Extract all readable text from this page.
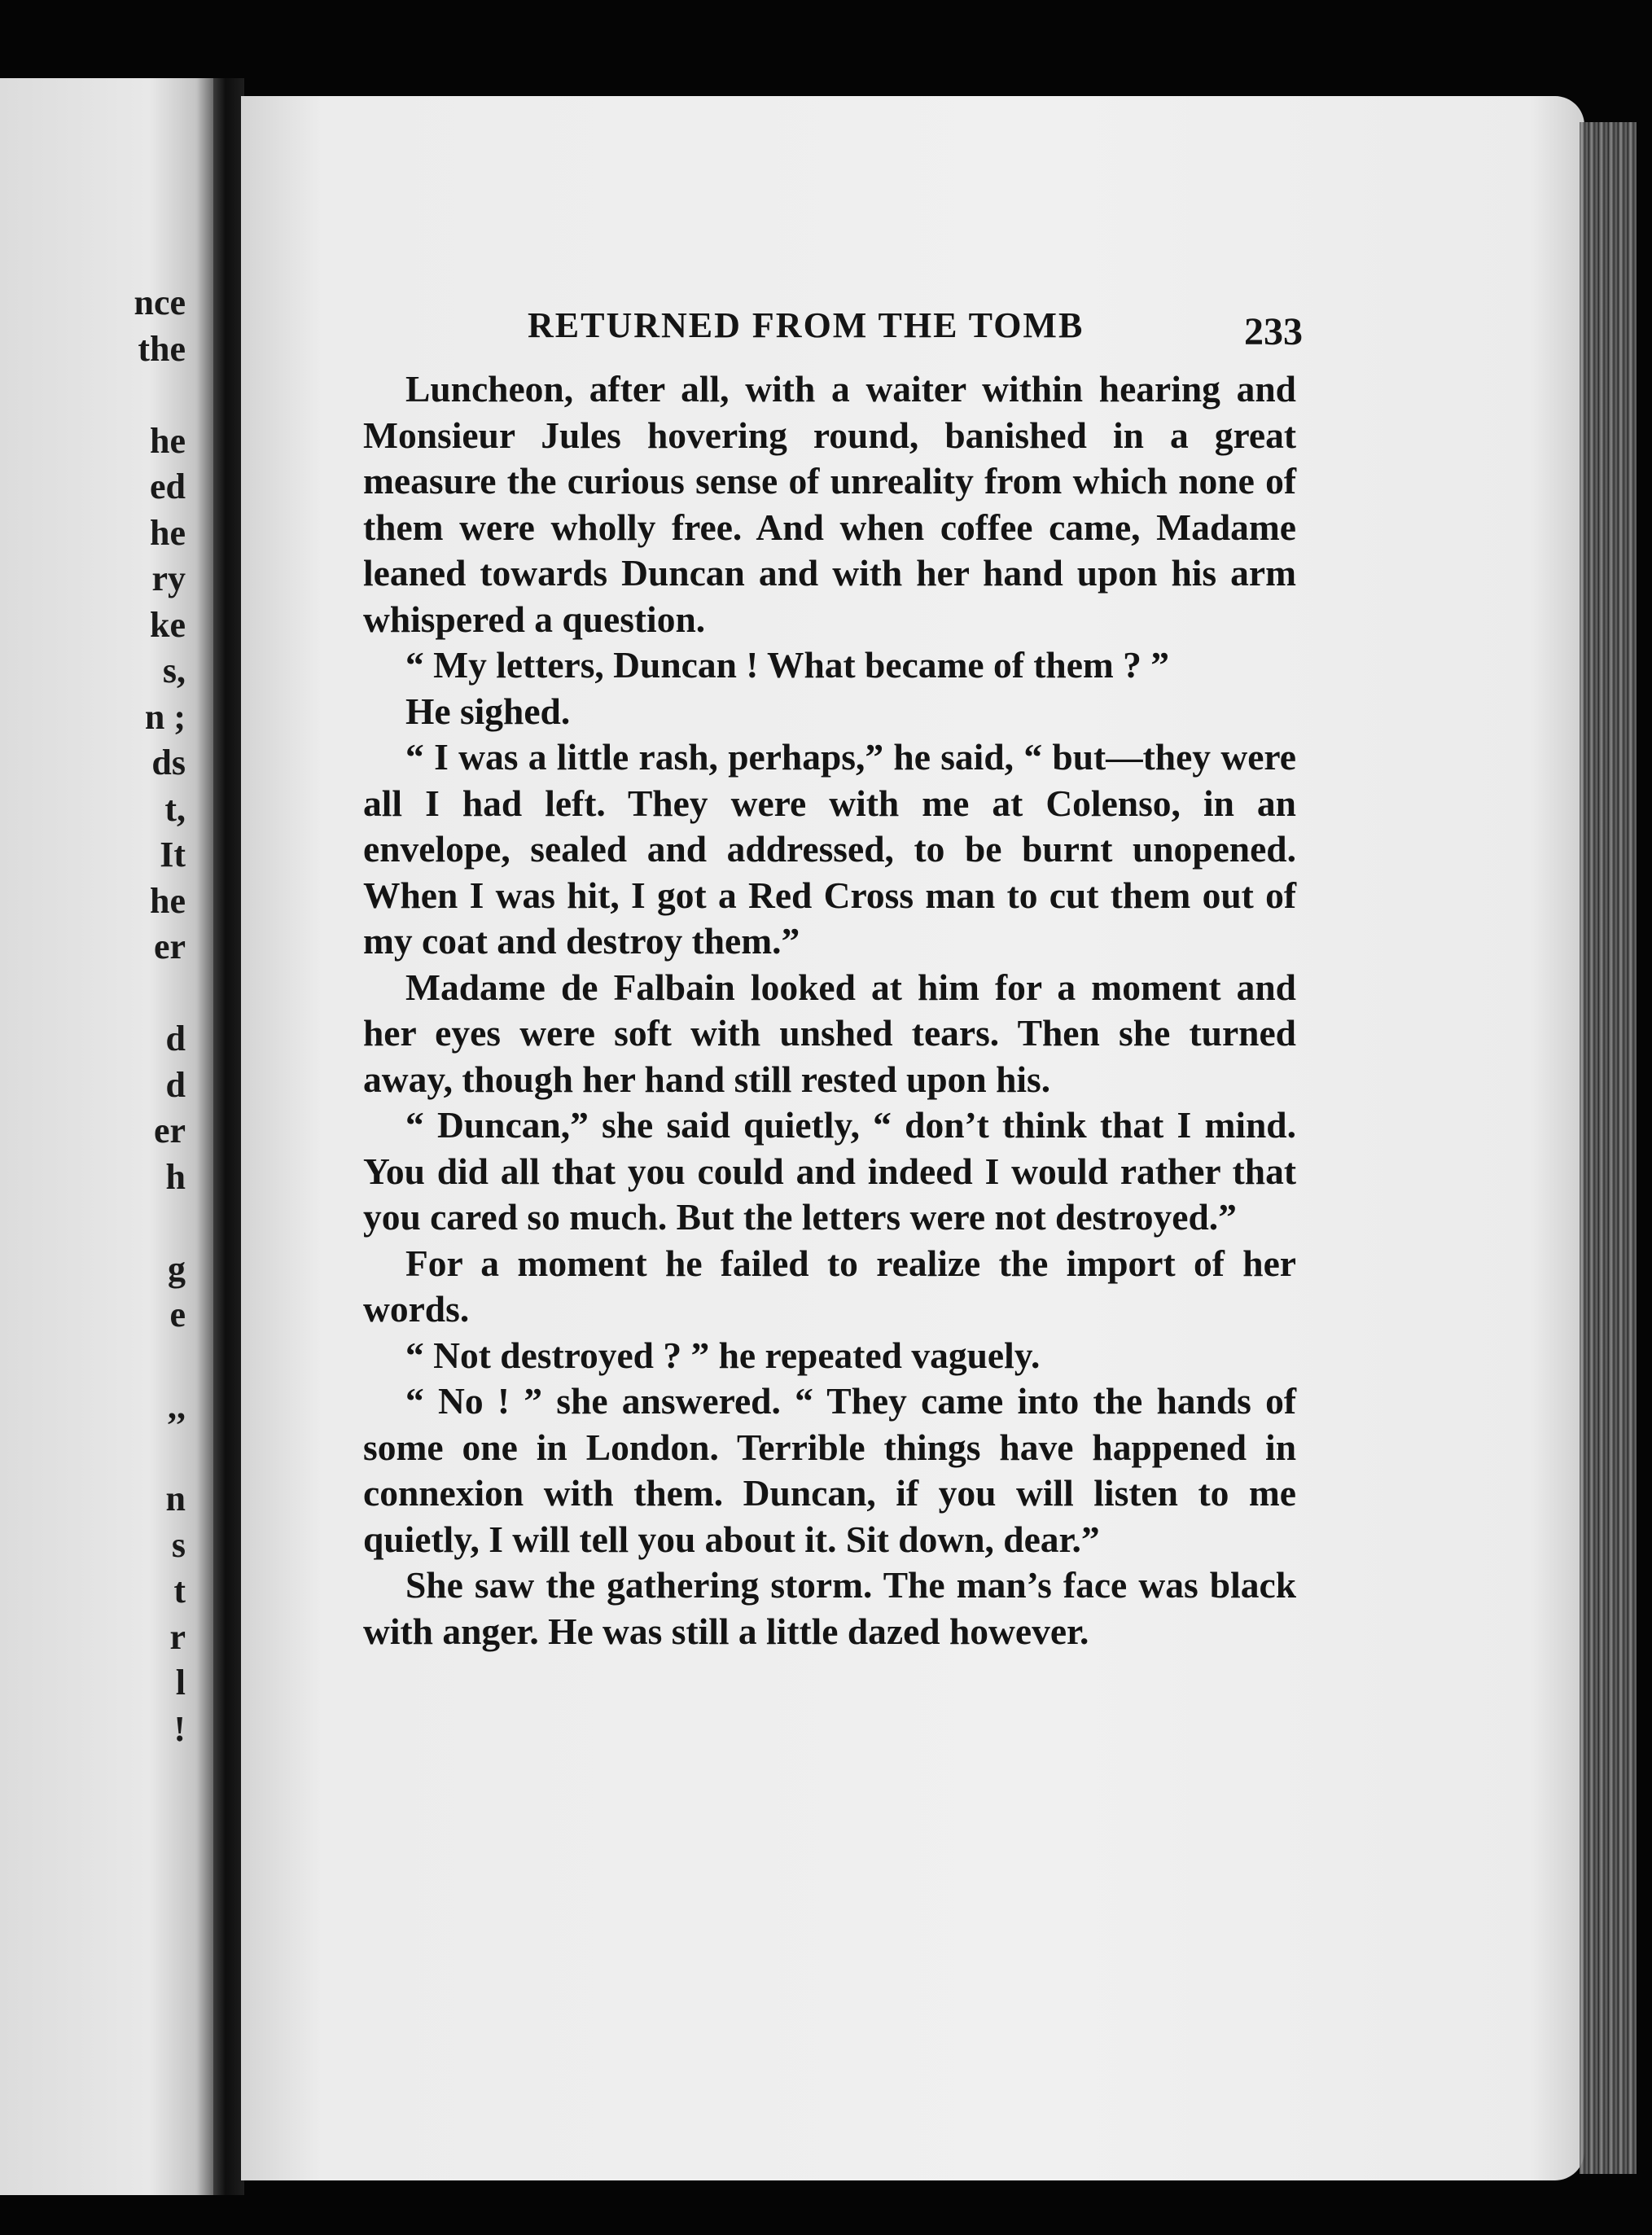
nce

the

he

ed

he

ry

ke

s,

n ;

ds

t,

It

he

er

d

d

er

h

g

e

,,

n

s

t

r

l

!

RETURNED FROM THE TOMB	233

Luncheon, after all, with a waiter within hearing and Monsieur Jules hovering round, banished in a great measure the curious sense of unreality from which none of them were wholly free. And when coffee came, Madame leaned towards Duncan and with her hand upon his arm whispered a question.

“ My letters, Duncan ! What became of them ? ”

He sighed.

“ I was a little rash, perhaps,” he said, “ but—they were all I had left. They were with me at Colenso, in an envelope, sealed and addressed, to be burnt unopened. When I was hit, I got a Red Cross man to cut them out of my coat and destroy them.”

Madame de Falbain looked at him for a moment and her eyes were soft with unshed tears. Then she turned away, though her hand still rested upon his.

“ Duncan,” she said quietly, “ don’t think that I mind. You did all that you could and indeed I would rather that you cared so much. But the letters were not destroyed.”

For a moment he failed to realize the import of her words.

“ Not destroyed ? ” he repeated vaguely.

“ No ! ” she answered. “ They came into the hands of some one in London. Terrible things have happened in connexion with them. Duncan, if you will listen to me quietly, I will tell you about it. Sit down, dear.”

She saw the gathering storm. The man’s face was black with anger. He was still a little dazed however.
